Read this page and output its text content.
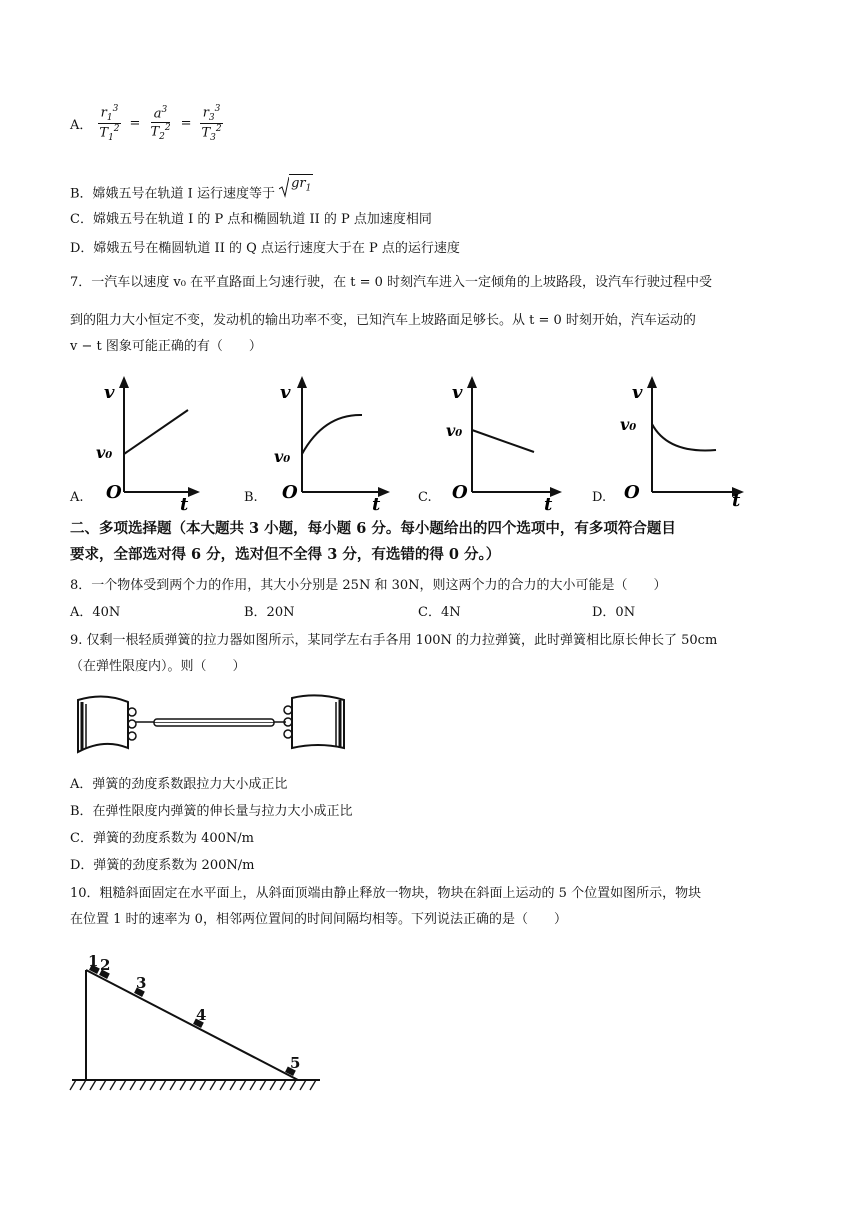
A． $\frac{r_1^3}{T_1^2} = \frac{a^3}{T_2^2} = \frac{r_3^3}{T_3^2}$
B．嫦娥五号在轨道 I 运行速度等于
$gr_1$
C．嫦娥五号在轨道 I 的 P 点和椭圆轨道 II 的 P 点加速度相同
D．嫦娥五号在椭圆轨道 II 的 Q 点运行速度大于在 P 点的运行速度
7．一汽车以速度 v₀ 在平直路面上匀速行驶，在 t = 0 时刻汽车进入一定倾角的上坡路段，设汽车行驶过程中受
到的阻力大小恒定不变，发动机的输出功率不变，已知汽车上坡路面足够长。从 t = 0 时刻开始，汽车运动的
v − t 图象可能正确的有（　　）
A.
v
v₀
O
t	B.
v
v₀
O
t	C.
v
v₀
O
t	D.
v
v₀
O	t
二、多项选择题（本大题共 3 小题，每小题 6 分。每小题给出的四个选项中，有多项符合题目
要求，全部选对得 6 分，选对但不全得 3 分，有选错的得 0 分。）
8．一个物体受到两个力的作用，其大小分别是 25N 和 30N，则这两个力的合力的大小可能是（　　）
A．40N	B．20N	C．4N	D．0N
9. 仅剩一根轻质弹簧的拉力器如图所示，某同学左右手各用 100N 的力拉弹簧，此时弹簧相比原长伸长了 50cm
（在弹性限度内）。则（　　）
A．弹簧的劲度系数跟拉力大小成正比
B．在弹性限度内弹簧的伸长量与拉力大小成正比
C．弹簧的劲度系数为 400N/m
D．弹簧的劲度系数为 200N/m
10．粗糙斜面固定在水平面上，从斜面顶端由静止释放一物块，物块在斜面上运动的 5 个位置如图所示，物块
在位置 1 时的速率为 0，相邻两位置间的时间间隔均相等。下列说法正确的是（　　）
1 2
3
4
5
